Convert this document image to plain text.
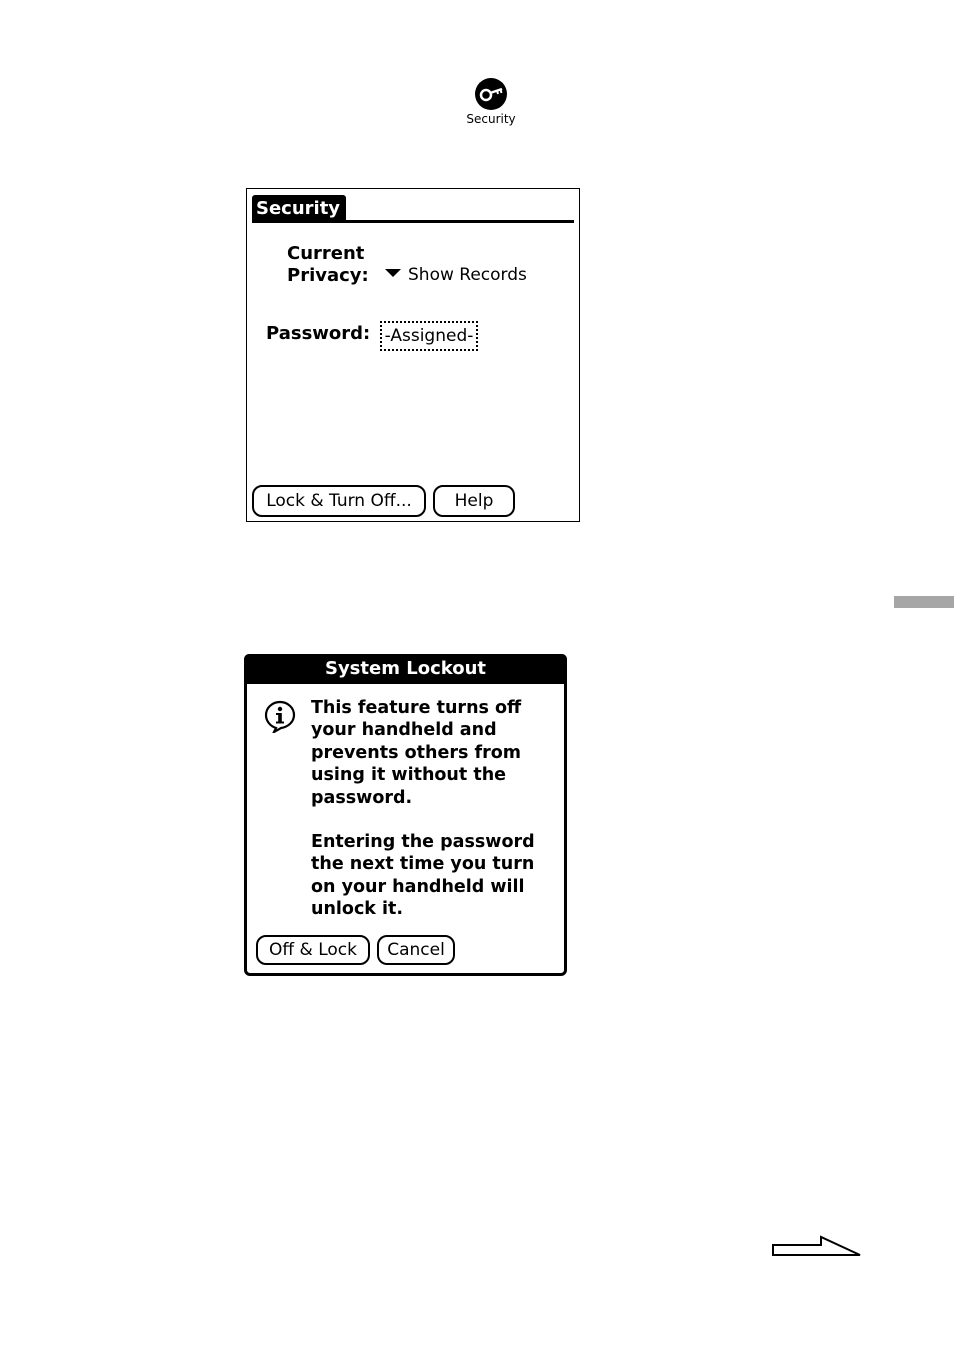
Security
Security
Current
Privacy:	Show Records
Password: -Assigned-
Lock & Turn Off...	Help
System Lockout

This feature turns off your handheld and prevents others from using it without the password.

Entering the password the next time you turn on your handheld will unlock it.

Off & Lock	Cancel
